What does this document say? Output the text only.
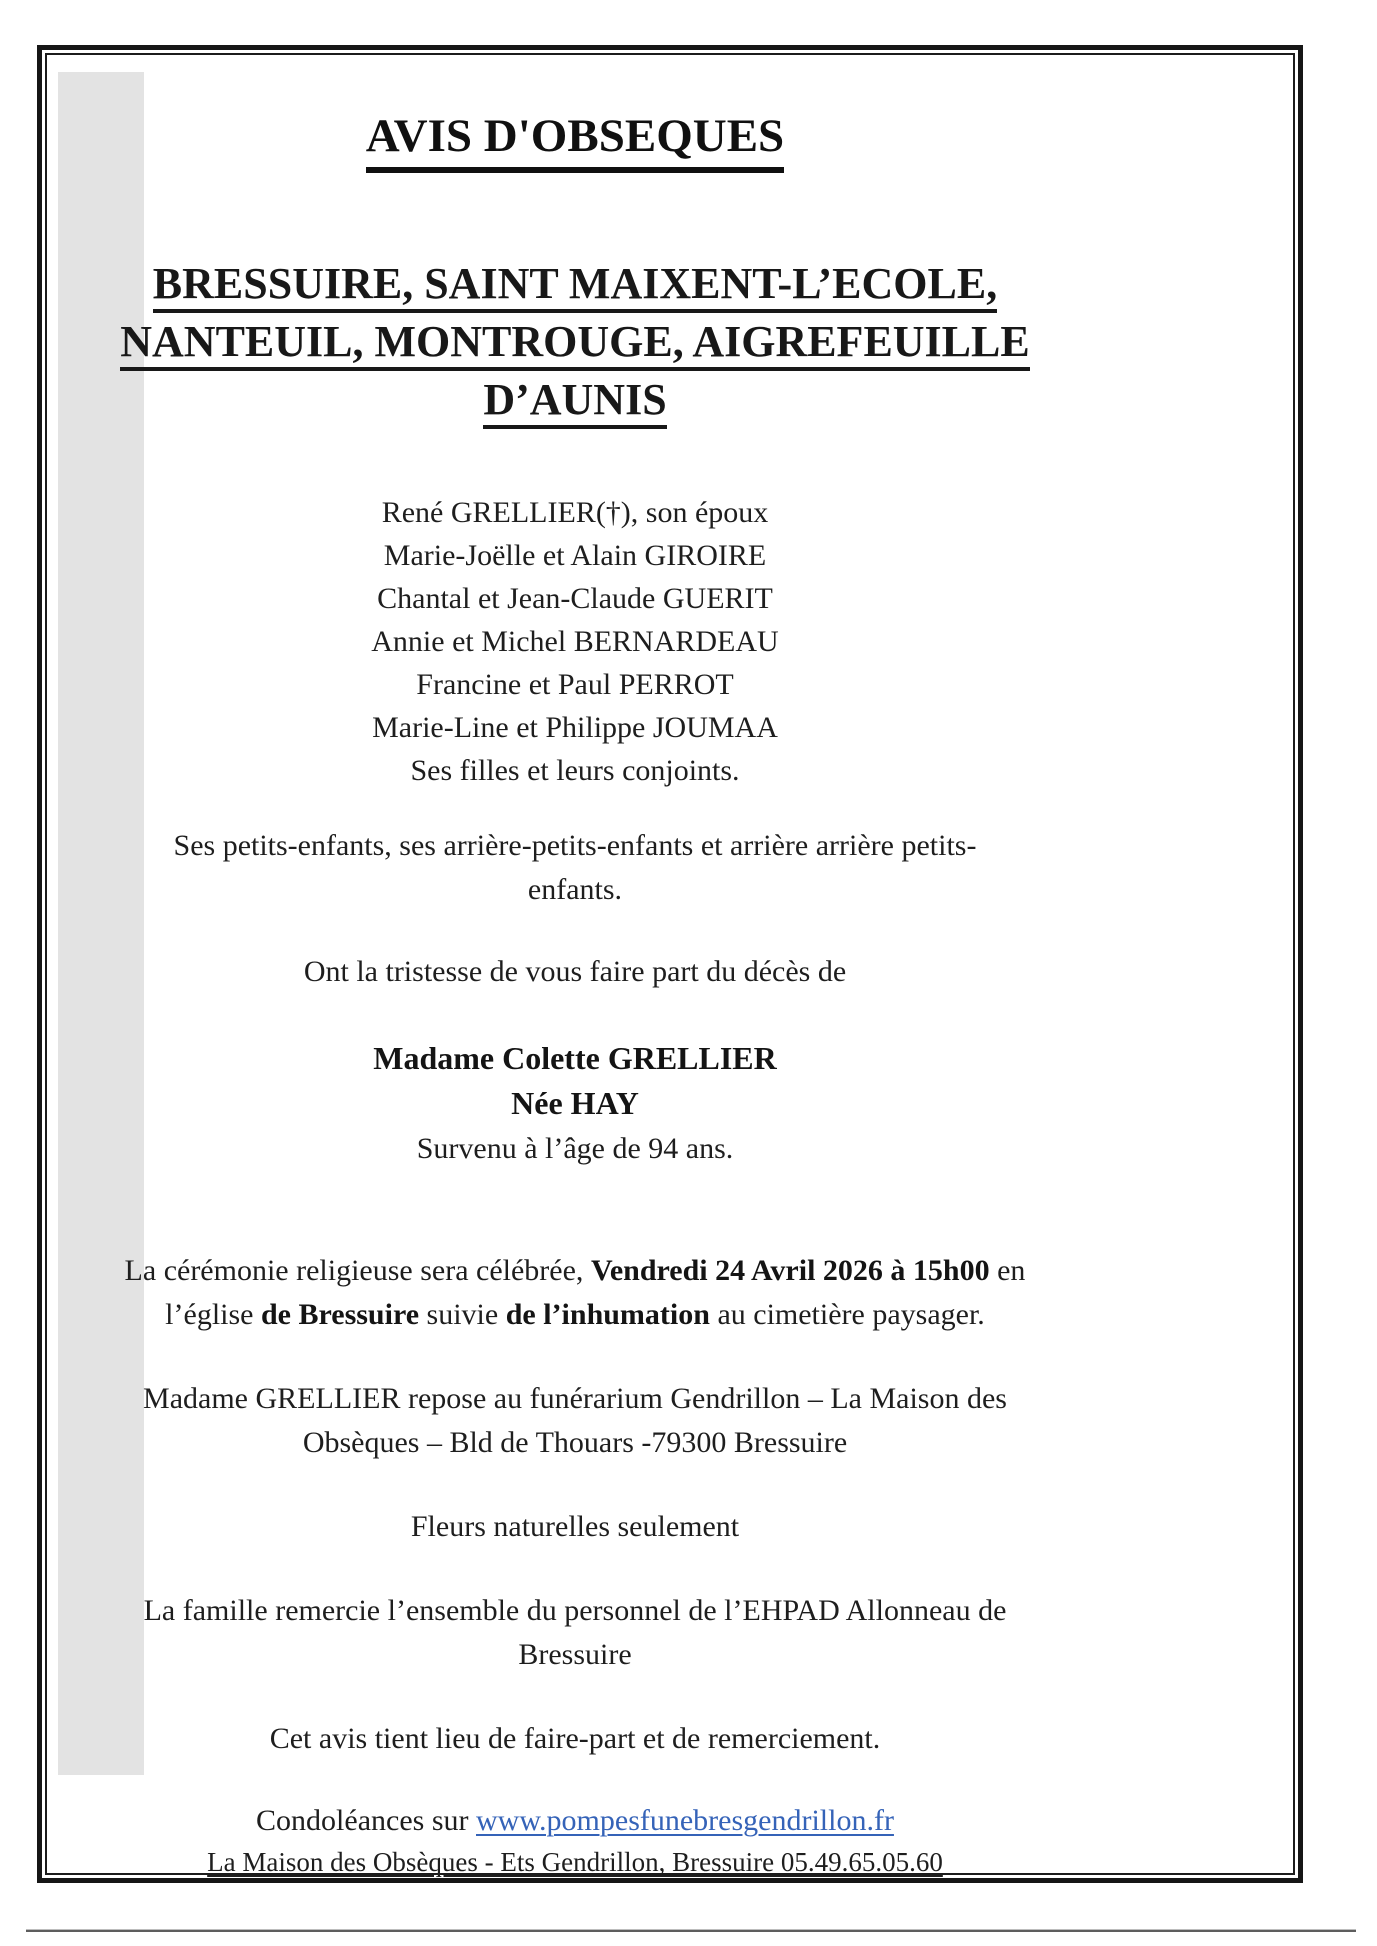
AVIS D'OBSEQUES
BRESSUIRE, SAINT MAIXENT-L’ECOLE,
NANTEUIL, MONTROUGE, AIGREFEUILLE
D’AUNIS
René GRELLIER(†), son époux
Marie-Joëlle et Alain GIROIRE
Chantal et Jean-Claude GUERIT
Annie et Michel BERNARDEAU
Francine et Paul PERROT
Marie-Line et Philippe JOUMAA
Ses filles et leurs conjoints.
Ses petits-enfants, ses arrière-petits-enfants et arrière arrière petits-
enfants.
Ont la tristesse de vous faire part du décès de
Madame Colette GRELLIER
Née HAY
Survenu à l’âge de 94 ans.
La cérémonie religieuse sera célébrée, Vendredi 24 Avril 2026 à 15h00 en
l’église de Bressuire suivie de l’inhumation au cimetière paysager.
Madame GRELLIER repose au funérarium Gendrillon – La Maison des
Obsèques – Bld de Thouars -79300 Bressuire
Fleurs naturelles seulement
La famille remercie l’ensemble du personnel de l’EHPAD Allonneau de
Bressuire
Cet avis tient lieu de faire-part et de remerciement.
Condoléances sur www.pompesfunebresgendrillon.fr
La Maison des Obsèques - Ets Gendrillon, Bressuire 05.49.65.05.60
